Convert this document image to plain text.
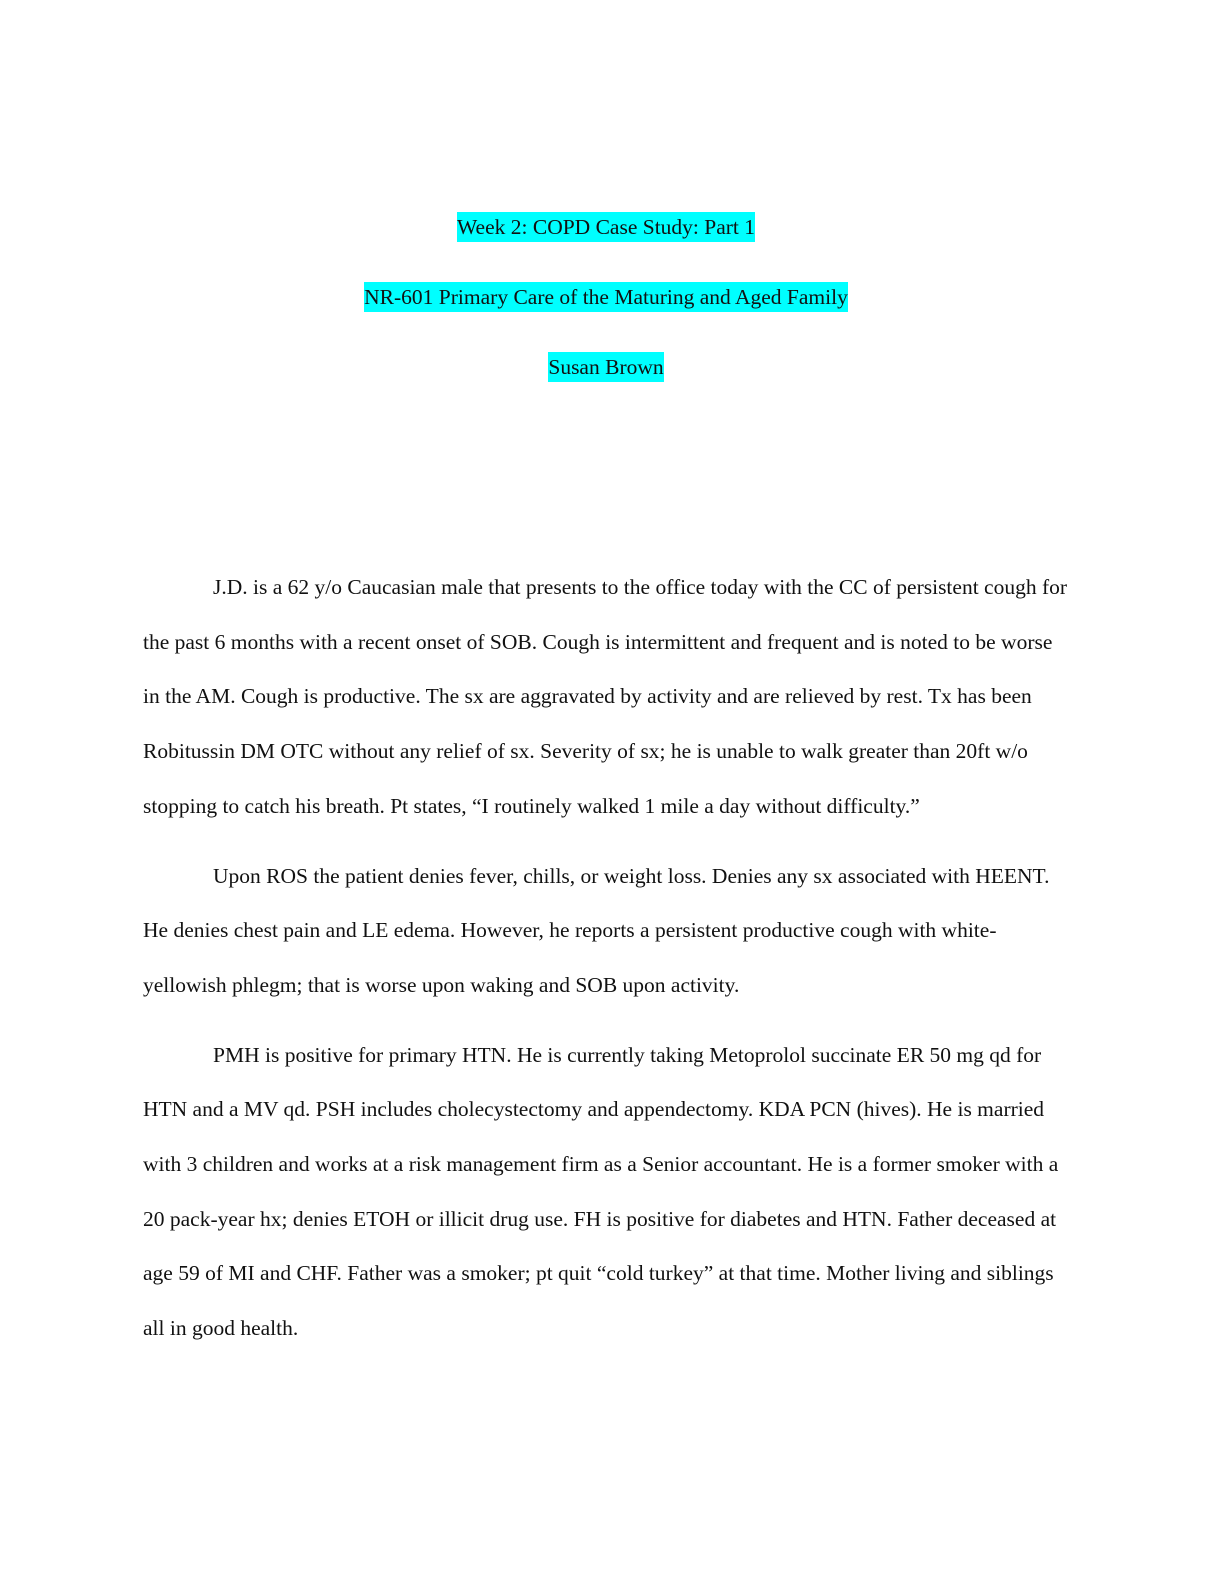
Week 2: COPD Case Study: Part 1
NR-601 Primary Care of the Maturing and Aged Family
Susan Brown

J.D. is a 62 y/o Caucasian male that presents to the office today with the CC of persistent cough for the past 6 months with a recent onset of SOB. Cough is intermittent and frequent and is noted to be worse in the AM. Cough is productive. The sx are aggravated by activity and are relieved by rest. Tx has been Robitussin DM OTC without any relief of sx. Severity of sx; he is unable to walk greater than 20ft w/o stopping to catch his breath. Pt states, “I routinely walked 1 mile a day without difficulty.”

Upon ROS the patient denies fever, chills, or weight loss. Denies any sx associated with HEENT. He denies chest pain and LE edema. However, he reports a persistent productive cough with white-yellowish phlegm; that is worse upon waking and SOB upon activity.

PMH is positive for primary HTN. He is currently taking Metoprolol succinate ER 50 mg qd for HTN and a MV qd. PSH includes cholecystectomy and appendectomy. KDA PCN (hives). He is married with 3 children and works at a risk management firm as a Senior accountant. He is a former smoker with a 20 pack-year hx; denies ETOH or illicit drug use. FH is positive for diabetes and HTN. Father deceased at age 59 of MI and CHF. Father was a smoker; pt quit “cold turkey” at that time. Mother living and siblings all in good health.
